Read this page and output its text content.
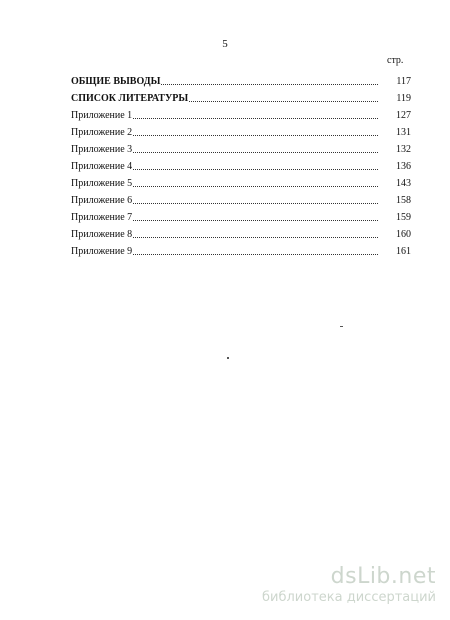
5
стр.
ОБЩИЕ ВЫВОДЫ	117
СПИСОК ЛИТЕРАТУРЫ	119
Приложение 1	127
Приложение 2	131
Приложение 3	132
Приложение 4	136
Приложение 5	143
Приложение 6	158
Приложение 7	159
Приложение 8	160
Приложение 9	161
dsLib.net
библиотека диссертаций
